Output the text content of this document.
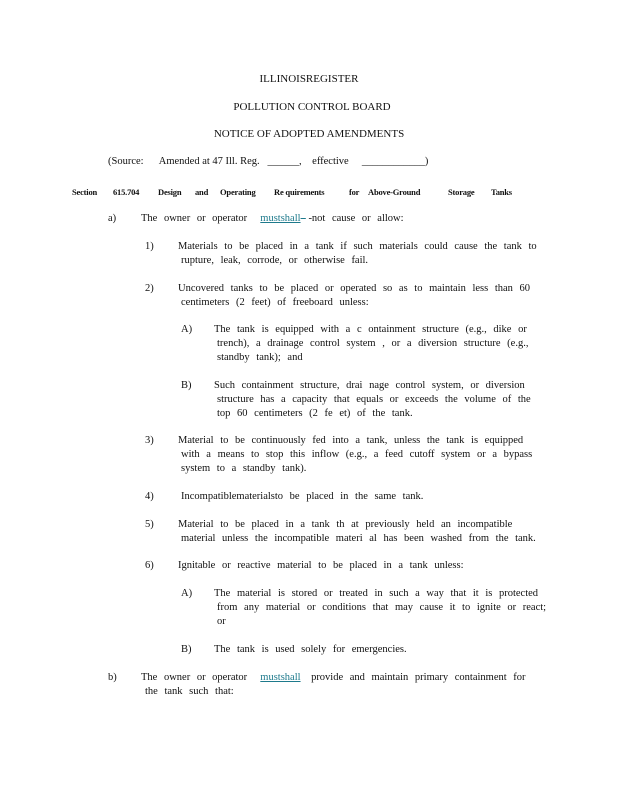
ILLINOISREGISTER
POLLUTION CONTROL BOARD
NOTICE OF ADOPTED AMENDMENTS
(Source: Amended at 47 Ill. Reg. ______, effective ____________)
Section 615.704 Design and Operating Re quirements	for Above-Ground	Storage Tanks
a) The owner or operator mustshall -not cause or allow:
1) Materials to be placed in a tank if such materials could cause the tank to
rupture, leak, corrode, or otherwise fail.
2) Uncovered tanks to be placed or operated so as to maintain less than 60
centimeters (2 feet) of freeboard unless:
A) The tank is equipped with a c ontainment structure (e.g., dike or
trench), a drainage control system , or a diversion structure (e.g.,
standby tank); and
B) Such containment structure, drai nage control system, or diversion
structure has a capacity that equals or exceeds the volume of the
top 60 centimeters (2 fe et) of the tank.
3) Material to be continuously fed into a tank, unless the tank is equipped
with a means to stop this inflow (e.g., a feed cutoff system or a bypass
system to a standby tank).
4)	Incompatiblematerialsto be placed in the same tank.
5) Material to be placed in a tank th at previously held an incompatible
material unless the incompatible materi al has been washed from the tank.
6) Ignitable or reactive material to be placed in a tank unless:
A) The material is stored or treated in such a way that it is protected
from any material or conditions that may cause it to ignite or react;
or
B) The tank is used solely for emergencies.
b) The owner or operator mustshall provide and maintain primary containment for
the tank such that:
